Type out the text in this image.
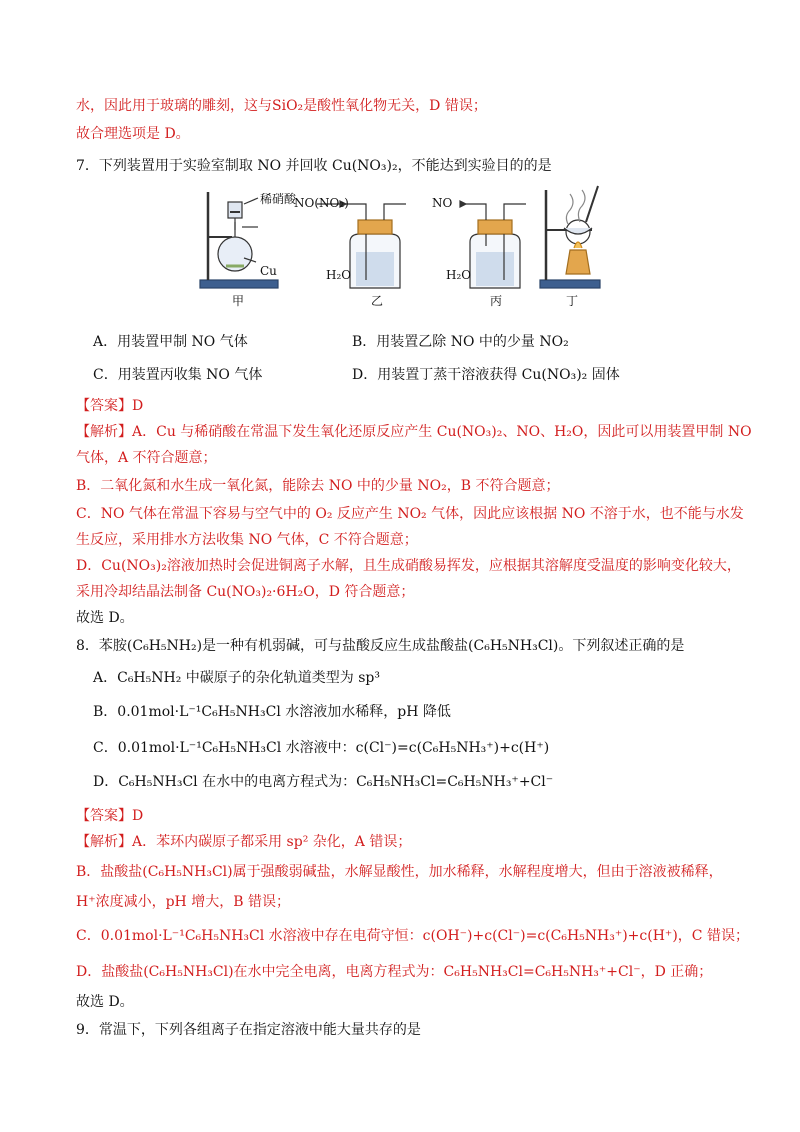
水，因此用于玻璃的雕刻，这与SiO₂是酸性氧化物无关，D 错误；
故合理选项是 D。
7．下列装置用于实验室制取 NO 并回收 Cu(NO₃)₂，不能达到实验目的的是
稀硝酸
Cu
甲
NO(NO₂)
H₂O
乙
NO
H₂O
丙	丁
A．用装置甲制 NO 气体	B．用装置乙除 NO 中的少量 NO₂
C．用装置丙收集 NO 气体	D．用装置丁蒸干溶液获得 Cu(NO₃)₂ 固体
【答案】D
【解析】A．Cu 与稀硝酸在常温下发生氧化还原反应产生 Cu(NO₃)₂、NO、H₂O，因此可以用装置甲制 NO
气体，A 不符合题意；
B．二氧化氮和水生成一氧化氮，能除去 NO 中的少量 NO₂，B 不符合题意；
C．NO 气体在常温下容易与空气中的 O₂ 反应产生 NO₂ 气体，因此应该根据 NO 不溶于水，也不能与水发
生反应，采用排水方法收集 NO 气体，C 不符合题意；
D．Cu(NO₃)₂溶液加热时会促进铜离子水解，且生成硝酸易挥发，应根据其溶解度受温度的影响变化较大，
采用冷却结晶法制备 Cu(NO₃)₂·6H₂O，D 符合题意；
故选 D。
8．苯胺(C₆H₅NH₂)是一种有机弱碱，可与盐酸反应生成盐酸盐(C₆H₅NH₃Cl)。下列叙述正确的是
A．C₆H₅NH₂ 中碳原子的杂化轨道类型为 sp³
B．0.01mol·L⁻¹C₆H₅NH₃Cl 水溶液加水稀释，pH 降低
C．0.01mol·L⁻¹C₆H₅NH₃Cl 水溶液中：c(Cl⁻)=c(C₆H₅NH₃⁺)+c(H⁺)
D．C₆H₅NH₃Cl 在水中的电离方程式为：C₆H₅NH₃Cl=C₆H₅NH₃⁺+Cl⁻
【答案】D
【解析】A．苯环内碳原子都采用 sp² 杂化，A 错误；
B．盐酸盐(C₆H₅NH₃Cl)属于强酸弱碱盐，水解显酸性，加水稀释，水解程度增大，但由于溶液被稀释，
H⁺浓度减小，pH 增大，B 错误；
C．0.01mol·L⁻¹C₆H₅NH₃Cl 水溶液中存在电荷守恒：c(OH⁻)+c(Cl⁻)=c(C₆H₅NH₃⁺)+c(H⁺)，C 错误；
D．盐酸盐(C₆H₅NH₃Cl)在水中完全电离，电离方程式为：C₆H₅NH₃Cl=C₆H₅NH₃⁺+Cl⁻，D 正确；
故选 D。
9．常温下，下列各组离子在指定溶液中能大量共存的是
